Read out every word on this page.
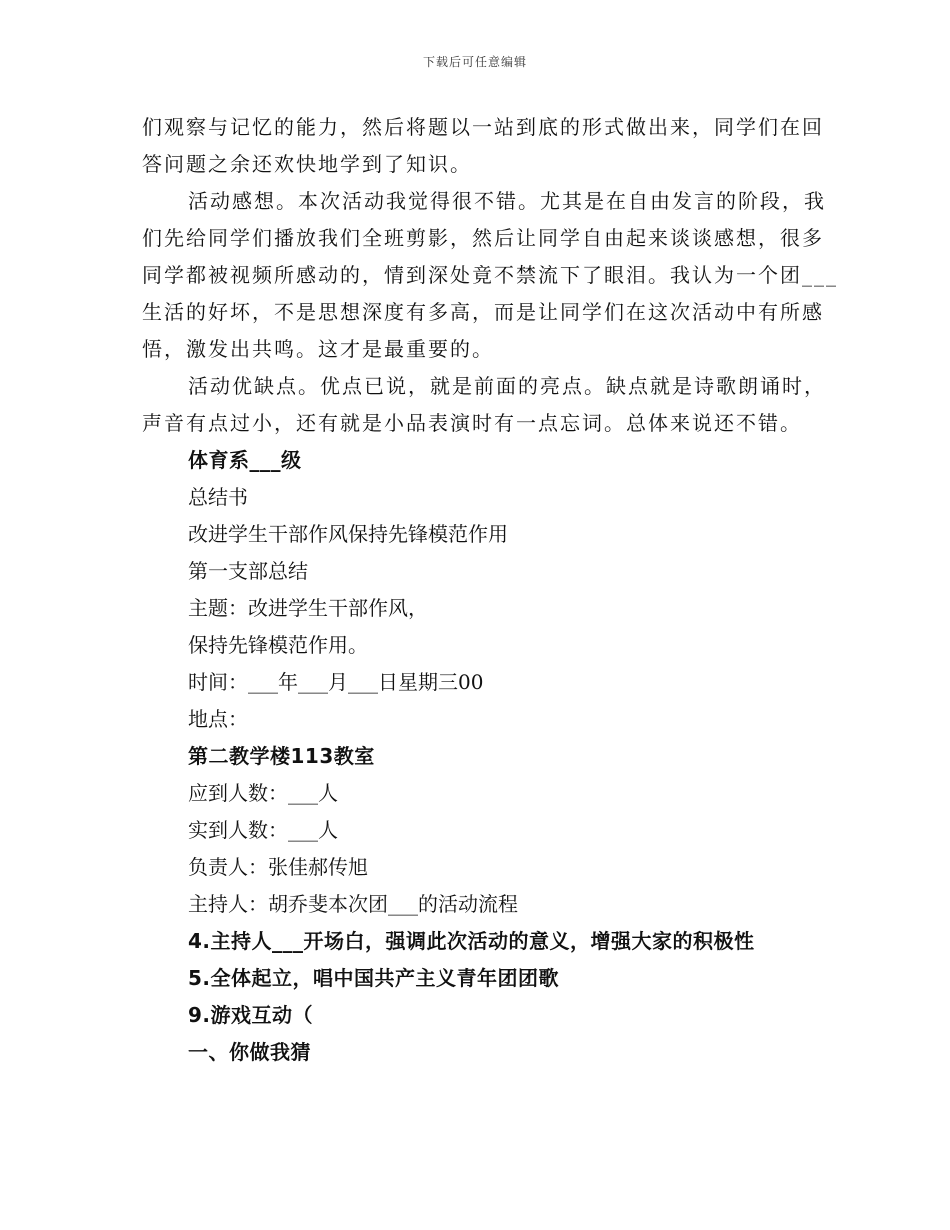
下载后可任意编辑

们观察与记忆的能力，然后将题以一站到底的形式做出来，同学们在回答问题之余还欢快地学到了知识。

活动感想。本次活动我觉得很不错。尤其是在自由发言的阶段，我们先给同学们播放我们全班剪影，然后让同学自由起来谈谈感想，很多同学都被视频所感动的，情到深处竟不禁流下了眼泪。我认为一个团___生活的好坏，不是思想深度有多高，而是让同学们在这次活动中有所感悟，激发出共鸣。这才是最重要的。

活动优缺点。优点已说，就是前面的亮点。缺点就是诗歌朗诵时，声音有点过小，还有就是小品表演时有一点忘词。总体来说还不错。

体育系___级

总结书

改进学生干部作风保持先锋模范作用

第一支部总结

主题：改进学生干部作风，

保持先锋模范作用。

时间：___年___月___日星期三00

地点：

第二教学楼113教室

应到人数：___人

实到人数：___人

负责人：张佳郝传旭

主持人：胡乔斐本次团___的活动流程

4.主持人___开场白，强调此次活动的意义，增强大家的积极性

5.全体起立，唱中国共产主义青年团团歌

9.游戏互动（

一、你做我猜
